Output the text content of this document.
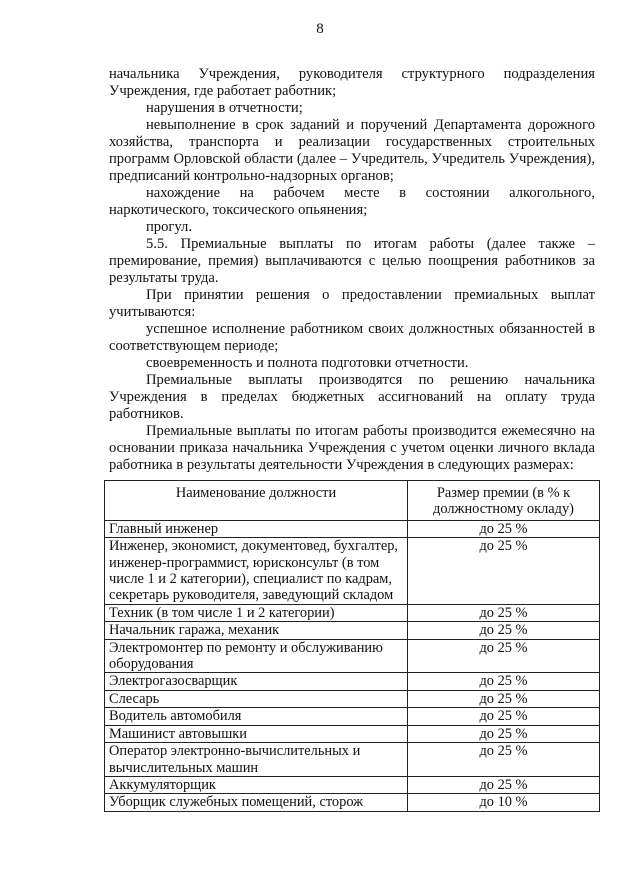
8

начальника Учреждения, руководителя структурного подразделения Учреждения, где работает работник;

нарушения в отчетности;

невыполнение в срок заданий и поручений Департамента дорожного хозяйства, транспорта и реализации государственных строительных программ Орловской области (далее – Учредитель, Учредитель Учреждения), предписаний контрольно-надзорных органов;

нахождение на рабочем месте в состоянии алкогольного, наркотического, токсического опьянения;

прогул.

5.5. Премиальные выплаты по итогам работы (далее также – премирование, премия) выплачиваются с целью поощрения работников за результаты труда.

При принятии решения о предоставлении премиальных выплат учитываются:

успешное исполнение работником своих должностных обязанностей в соответствующем периоде;

своевременность и полнота подготовки отчетности.

Премиальные выплаты производятся по решению начальника Учреждения в пределах бюджетных ассигнований на оплату труда работников.

Премиальные выплаты по итогам работы производится ежемесячно на основании приказа начальника Учреждения с учетом оценки личного вклада работника в результаты деятельности Учреждения в следующих размерах:

Наименование должности	Размер премии (в % к должностному окладу)
Главный инженер	до 25 %
Инженер, экономист, документовед, бухгалтер, инженер-программист, юрисконсульт (в том числе 1 и 2 категории), специалист по кадрам, секретарь руководителя, заведующий складом	до 25 %
Техник (в том числе 1 и 2 категории)	до 25 %
Начальник гаража, механик	до 25 %
Электромонтер по ремонту и обслуживанию оборудования	до 25 %
Электрогазосварщик	до 25 %
Слесарь	до 25 %
Водитель автомобиля	до 25 %
Машинист автовышки	до 25 %
Оператор электронно-вычислительных и вычислительных машин	до 25 %
Аккумуляторщик	до 25 %
Уборщик служебных помещений, сторож	до 10 %
